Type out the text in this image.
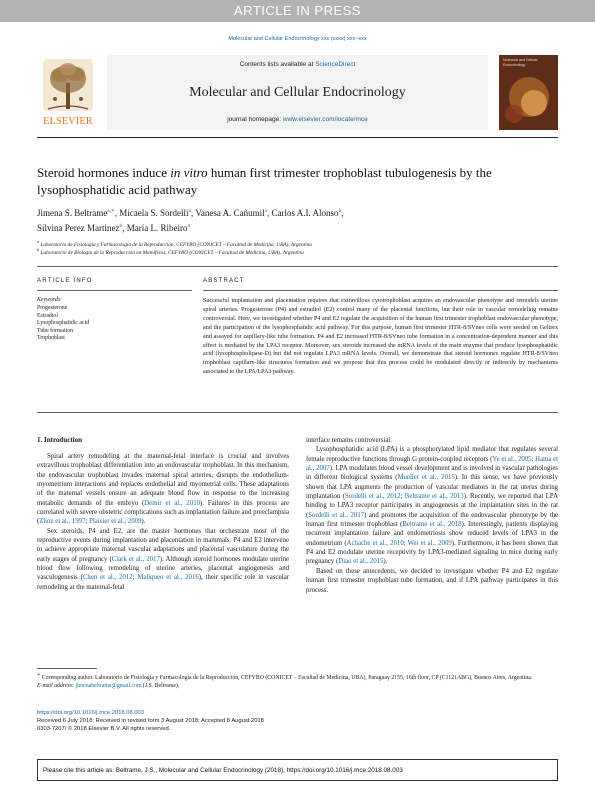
ARTICLE IN PRESS
Molecular and Cellular Endocrinology xxx (xxxx) xxx–xxx
ELSEVIER
Contents lists available at ScienceDirect
Molecular and Cellular Endocrinology
journal homepage: www.elsevier.com/locate/mce
Molecular and Cellular Endocrinology
Steroid hormones induce in vitro human first trimester trophoblast tubulogenesis by the lysophosphatidic acid pathway
Jimena S. Beltrame$^{a,∗}$, Micaela S. Sordelli$^a$, Vanesa A. Cañumil$^a$, Carlos A.I. Alonso$^b$,
Silvina Perez Martinez$^b$, María L. Ribeiro$^a$
$^a$ Laboratorio de Fisiología y Farmacología de la Reproducción, CEFYBO (CONICET – Facultad de Medicina, UBA), Argentina
$^b$ Laboratorio de Biología de la Reproducción en Mamíferos, CEFYBO (CONICET – Facultad de Medicina, UBA), Argentina
ARTICLE INFO	ABSTRACT
Keywords:
Progesterone
Estradiol
Lysophosphatidic acid
Tube formation
Trophoblast
Successful implantation and placentation requires that extravillous cytotrophoblast acquires an endovascular phenotype and remodels uterine spiral arteries. Progesterone (P4) and estradiol (E2) control many of the placental functions, but their role in vascular remodeling remains controversial. Here, we investigated whether P4 and E2 regulate the acquisition of the human first trimester trophoblast endovascular phenotype, and the participation of the lysophosphatidic acid pathway. For this purpose, human first trimester HTR-8/SVneo cells were seeded on Geltrex and assayed for capillary-like tube formation. P4 and E2 increased HTR-8/SVneo tube formation in a concentration-dependent manner and this effect is mediated by the LPA3 receptor. Moreover, sex steroids increased the mRNA levels of the main enzyme that produce lysophosphatidic acid (lysophospholipase-D) but did not regulate LPA3 mRNA levels. Overall, we demonstrate that steroid hormones regulate HTR-8/SVneo trophoblast capillary-like structures formation and we propose that this process could be modulated directly or indirectly by mechanisms associated to the LPA/LPA3 pathway.
1. Introduction

Spiral artery remodeling at the maternal-fetal interface is crucial and involves extravillous trophoblast differentiation into an endovascular trophoblast. In this mechanism, the endovascular trophoblast invades maternal spiral arteries, disrupts the endothelium-myometrium interactions and replaces endothelial and myometrial cells. These adaptations of the maternal vessels ensure an adequate blood flow in response to the increasing metabolic demands of the embryo (Demir et al., 2010). Failures in this process are correlated with severe obstetric complications such as implantation failure and preeclampsia (Zhou et al., 1997; Plaisier et al., 2009).

Sex steroids, P4 and E2, are the master hormones that orchestrate most of the reproductive events during implantation and placentation in mammals. P4 and E2 intervene to achieve appropriate maternal vascular adaptations and placental vasculature during the early stages of pregnancy (Clark et al., 2017). Although steroid hormones modulate uterine blood flow following remodeling of uterine arteries, placental angiogenesis and vasculogenesis (Chen et al., 2012; Maliqueo et al., 2016), their specific role in vascular remodeling at the maternal-fetal

interface remains controversial.

Lysophosphatidic acid (LPA) is a phosphorylated lipid mediator that regulates several female reproductive functions through G protein-coupled receptors (Ye et al., 2005; Hama et al., 2007). LPA modulates blood vessel development and is involved in vascular pathologies in different biological systems (Mueller et al., 2015). In this sense, we have previously shown that LPA augments the production of vascular mediators in the rat uterus during implantation (Sordelli et al., 2012; Beltrame et al., 2013). Recently, we reported that LPA binding to LPA3 receptor participates in angiogenesis at the implantation sites in the rat (Sordelli et al., 2017) and promotes the acquisition of the endovascular phenotype by the human first trimester trophoblast (Beltrame et al., 2018). Interestingly, patients displaying recurrent implantation failure and endometriosis show reduced levels of LPA3 in the endometrium (Achache et al., 2010; Wei et al., 2009). Furthermore, it has been shown that P4 and E2 modulate uterine receptivity by LPA3-mediated signaling in mice during early pregnancy (Diao et al., 2015).

Based on these antecedents, we decided to investigate whether P4 and E2 regulate human first trimester trophoblast tube formation, and if LPA pathway participates in this process.

∗ Corresponding author. Laboratorio de Fisiología y Farmacología de la Reproducción, CEFYBO (CONICET – Facultad de Medicina, UBA), Paraguay 2155, 16th floor, CP (C1121ABG), Buenos Aires, Argentina.
E-mail address: jimenabeltrame@gmail.com (J.S. Beltrame).
https://doi.org/10.1016/j.mce.2018.08.003
Received 6 July 2018; Received in revised form 3 August 2018; Accepted 8 August 2018
0303-7207/ © 2018 Elsevier B.V. All rights reserved.
Please cite this article as: Beltrame, J.S., Molecular and Cellular Endocrinology (2018), https://doi.org/10.1016/j.mce.2018.08.003
